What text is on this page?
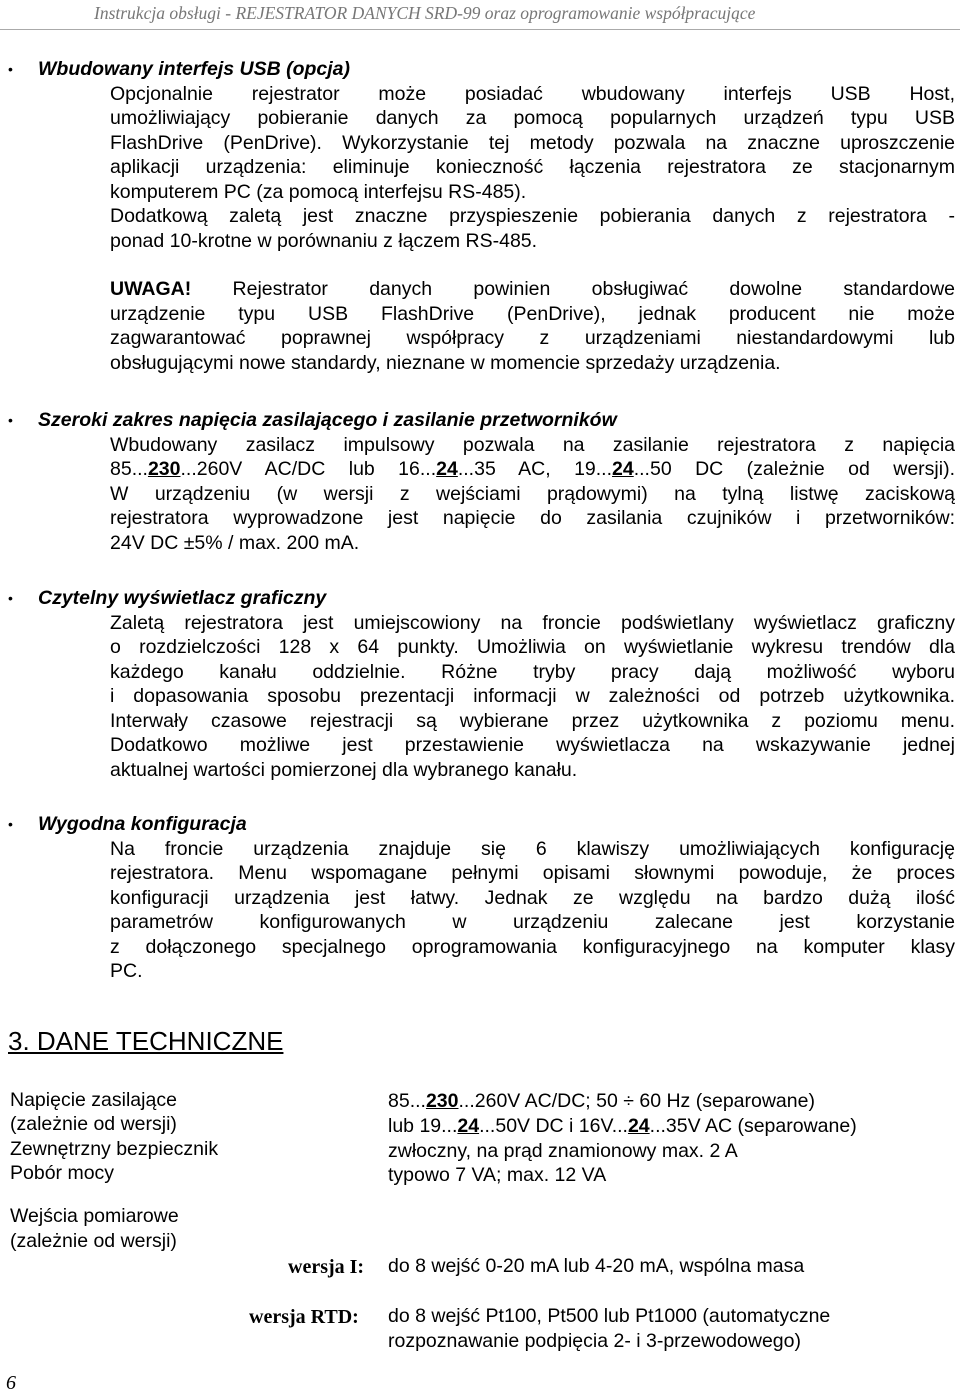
Instrukcja obsługi - REJESTRATOR DANYCH SRD-99 oraz oprogramowanie współpracujące
• Wbudowany interfejs USB (opcja)
Opcjonalnie rejestrator może posiadać wbudowany interfejs USB Host,
umożliwiający pobieranie danych za pomocą popularnych urządzeń typu USB
FlashDrive (PenDrive). Wykorzystanie tej metody pozwala na znaczne uproszczenie
aplikacji urządzenia: eliminuje konieczność łączenia rejestratora ze stacjonarnym
komputerem PC (za pomocą interfejsu RS-485).
Dodatkową zaletą jest znaczne przyspieszenie pobierania danych z rejestratora -
ponad 10-krotne w porównaniu z łączem RS-485.
UWAGA! Rejestrator danych powinien obsługiwać dowolne standardowe
urządzenie typu USB FlashDrive (PenDrive), jednak producent nie może
zagwarantować poprawnej współpracy z urządzeniami niestandardowymi lub
obsługującymi nowe standardy, nieznane w momencie sprzedaży urządzenia.
• Szeroki zakres napięcia zasilającego i zasilanie przetworników
Wbudowany zasilacz impulsowy pozwala na zasilanie rejestratora z napięcia
85...230...260V AC/DC lub 16...24...35 AC, 19...24...50 DC (zależnie od wersji).
W urządzeniu (w wersji z wejściami prądowymi) na tylną listwę zaciskową
rejestratora wyprowadzone jest napięcie do zasilania czujników i przetworników:
24V DC ±5% / max. 200 mA.
• Czytelny wyświetlacz graficzny
Zaletą rejestratora jest umiejscowiony na froncie podświetlany wyświetlacz graficzny
o rozdzielczości 128 x 64 punkty. Umożliwia on wyświetlanie wykresu trendów dla
każdego kanału oddzielnie. Różne tryby pracy dają możliwość wyboru
i dopasowania sposobu prezentacji informacji w zależności od potrzeb użytkownika.
Interwały czasowe rejestracji są wybierane przez użytkownika z poziomu menu.
Dodatkowo możliwe jest przestawienie wyświetlacza na wskazywanie jednej
aktualnej wartości pomierzonej dla wybranego kanału.
• Wygodna konfiguracja
Na froncie urządzenia znajduje się 6 klawiszy umożliwiających konfigurację
rejestratora. Menu wspomagane pełnymi opisami słownymi powoduje, że proces
konfiguracji urządzenia jest łatwy. Jednak ze względu na bardzo dużą ilość
parametrów konfigurowanych w urządzeniu zalecane jest korzystanie
z dołączonego specjalnego oprogramowania konfiguracyjnego na komputer klasy
PC.
3. DANE TECHNICZNE
Napięcie zasilające
(zależnie od wersji)
Zewnętrzny bezpiecznik
Pobór mocy
Wejścia pomiarowe
(zależnie od wersji)
85...230...260V AC/DC; 50 ÷ 60 Hz (separowane)
lub 19...24...50V DC i 16V...24...35V AC (separowane)
zwłoczny, na prąd znamionowy max. 2 A
typowo 7 VA; max. 12 VA
wersja I: do 8 wejść 0-20 mA lub 4-20 mA, wspólna masa
wersja RTD: do 8 wejść Pt100, Pt500 lub Pt1000 (automatyczne
rozpoznawanie podpięcia 2- i 3-przewodowego)
6
